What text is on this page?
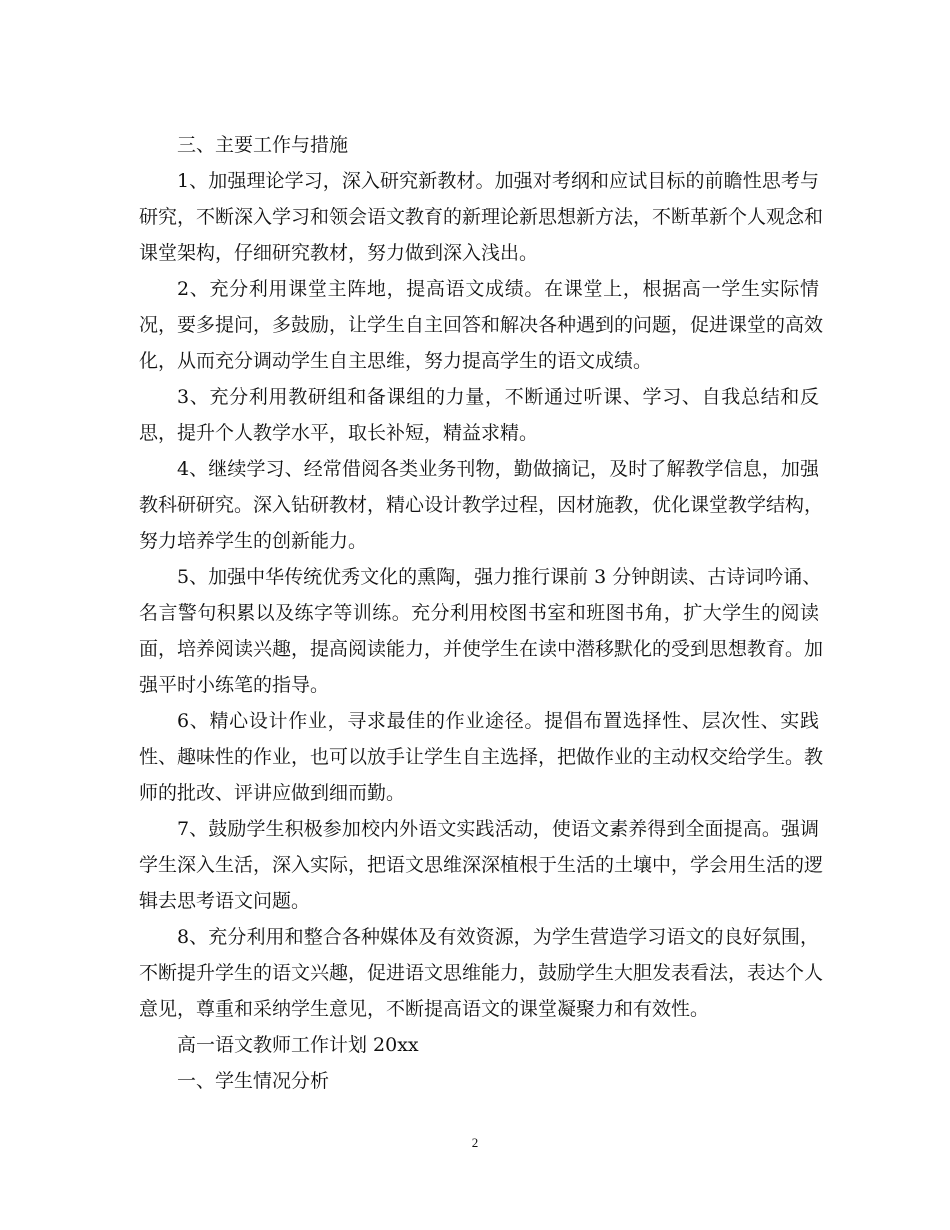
三、主要工作与措施
1、加强理论学习，深入研究新教材。加强对考纲和应试目标的前瞻性思考与
研究，不断深入学习和领会语文教育的新理论新思想新方法，不断革新个人观念和
课堂架构，仔细研究教材，努力做到深入浅出。
2、充分利用课堂主阵地，提高语文成绩。在课堂上，根据高一学生实际情
况，要多提问，多鼓励，让学生自主回答和解决各种遇到的问题，促进课堂的高效
化，从而充分调动学生自主思维，努力提高学生的语文成绩。
3、充分利用教研组和备课组的力量，不断通过听课、学习、自我总结和反
思，提升个人教学水平，取长补短，精益求精。
4、继续学习、经常借阅各类业务刊物，勤做摘记，及时了解教学信息，加强
教科研研究。深入钻研教材，精心设计教学过程，因材施教，优化课堂教学结构，
努力培养学生的创新能力。
5、加强中华传统优秀文化的熏陶，强力推行课前 3 分钟朗读、古诗词吟诵、
名言警句积累以及练字等训练。充分利用校图书室和班图书角，扩大学生的阅读
面，培养阅读兴趣，提高阅读能力，并使学生在读中潜移默化的受到思想教育。加
强平时小练笔的指导。
6、精心设计作业，寻求最佳的作业途径。提倡布置选择性、层次性、实践
性、趣味性的作业，也可以放手让学生自主选择，把做作业的主动权交给学生。教
师的批改、评讲应做到细而勤。
7、鼓励学生积极参加校内外语文实践活动，使语文素养得到全面提高。强调
学生深入生活，深入实际，把语文思维深深植根于生活的土壤中，学会用生活的逻
辑去思考语文问题。
8、充分利用和整合各种媒体及有效资源，为学生营造学习语文的良好氛围，
不断提升学生的语文兴趣，促进语文思维能力，鼓励学生大胆发表看法，表达个人
意见，尊重和采纳学生意见，不断提高语文的课堂凝聚力和有效性。
高一语文教师工作计划 20xx
一、学生情况分析
2
